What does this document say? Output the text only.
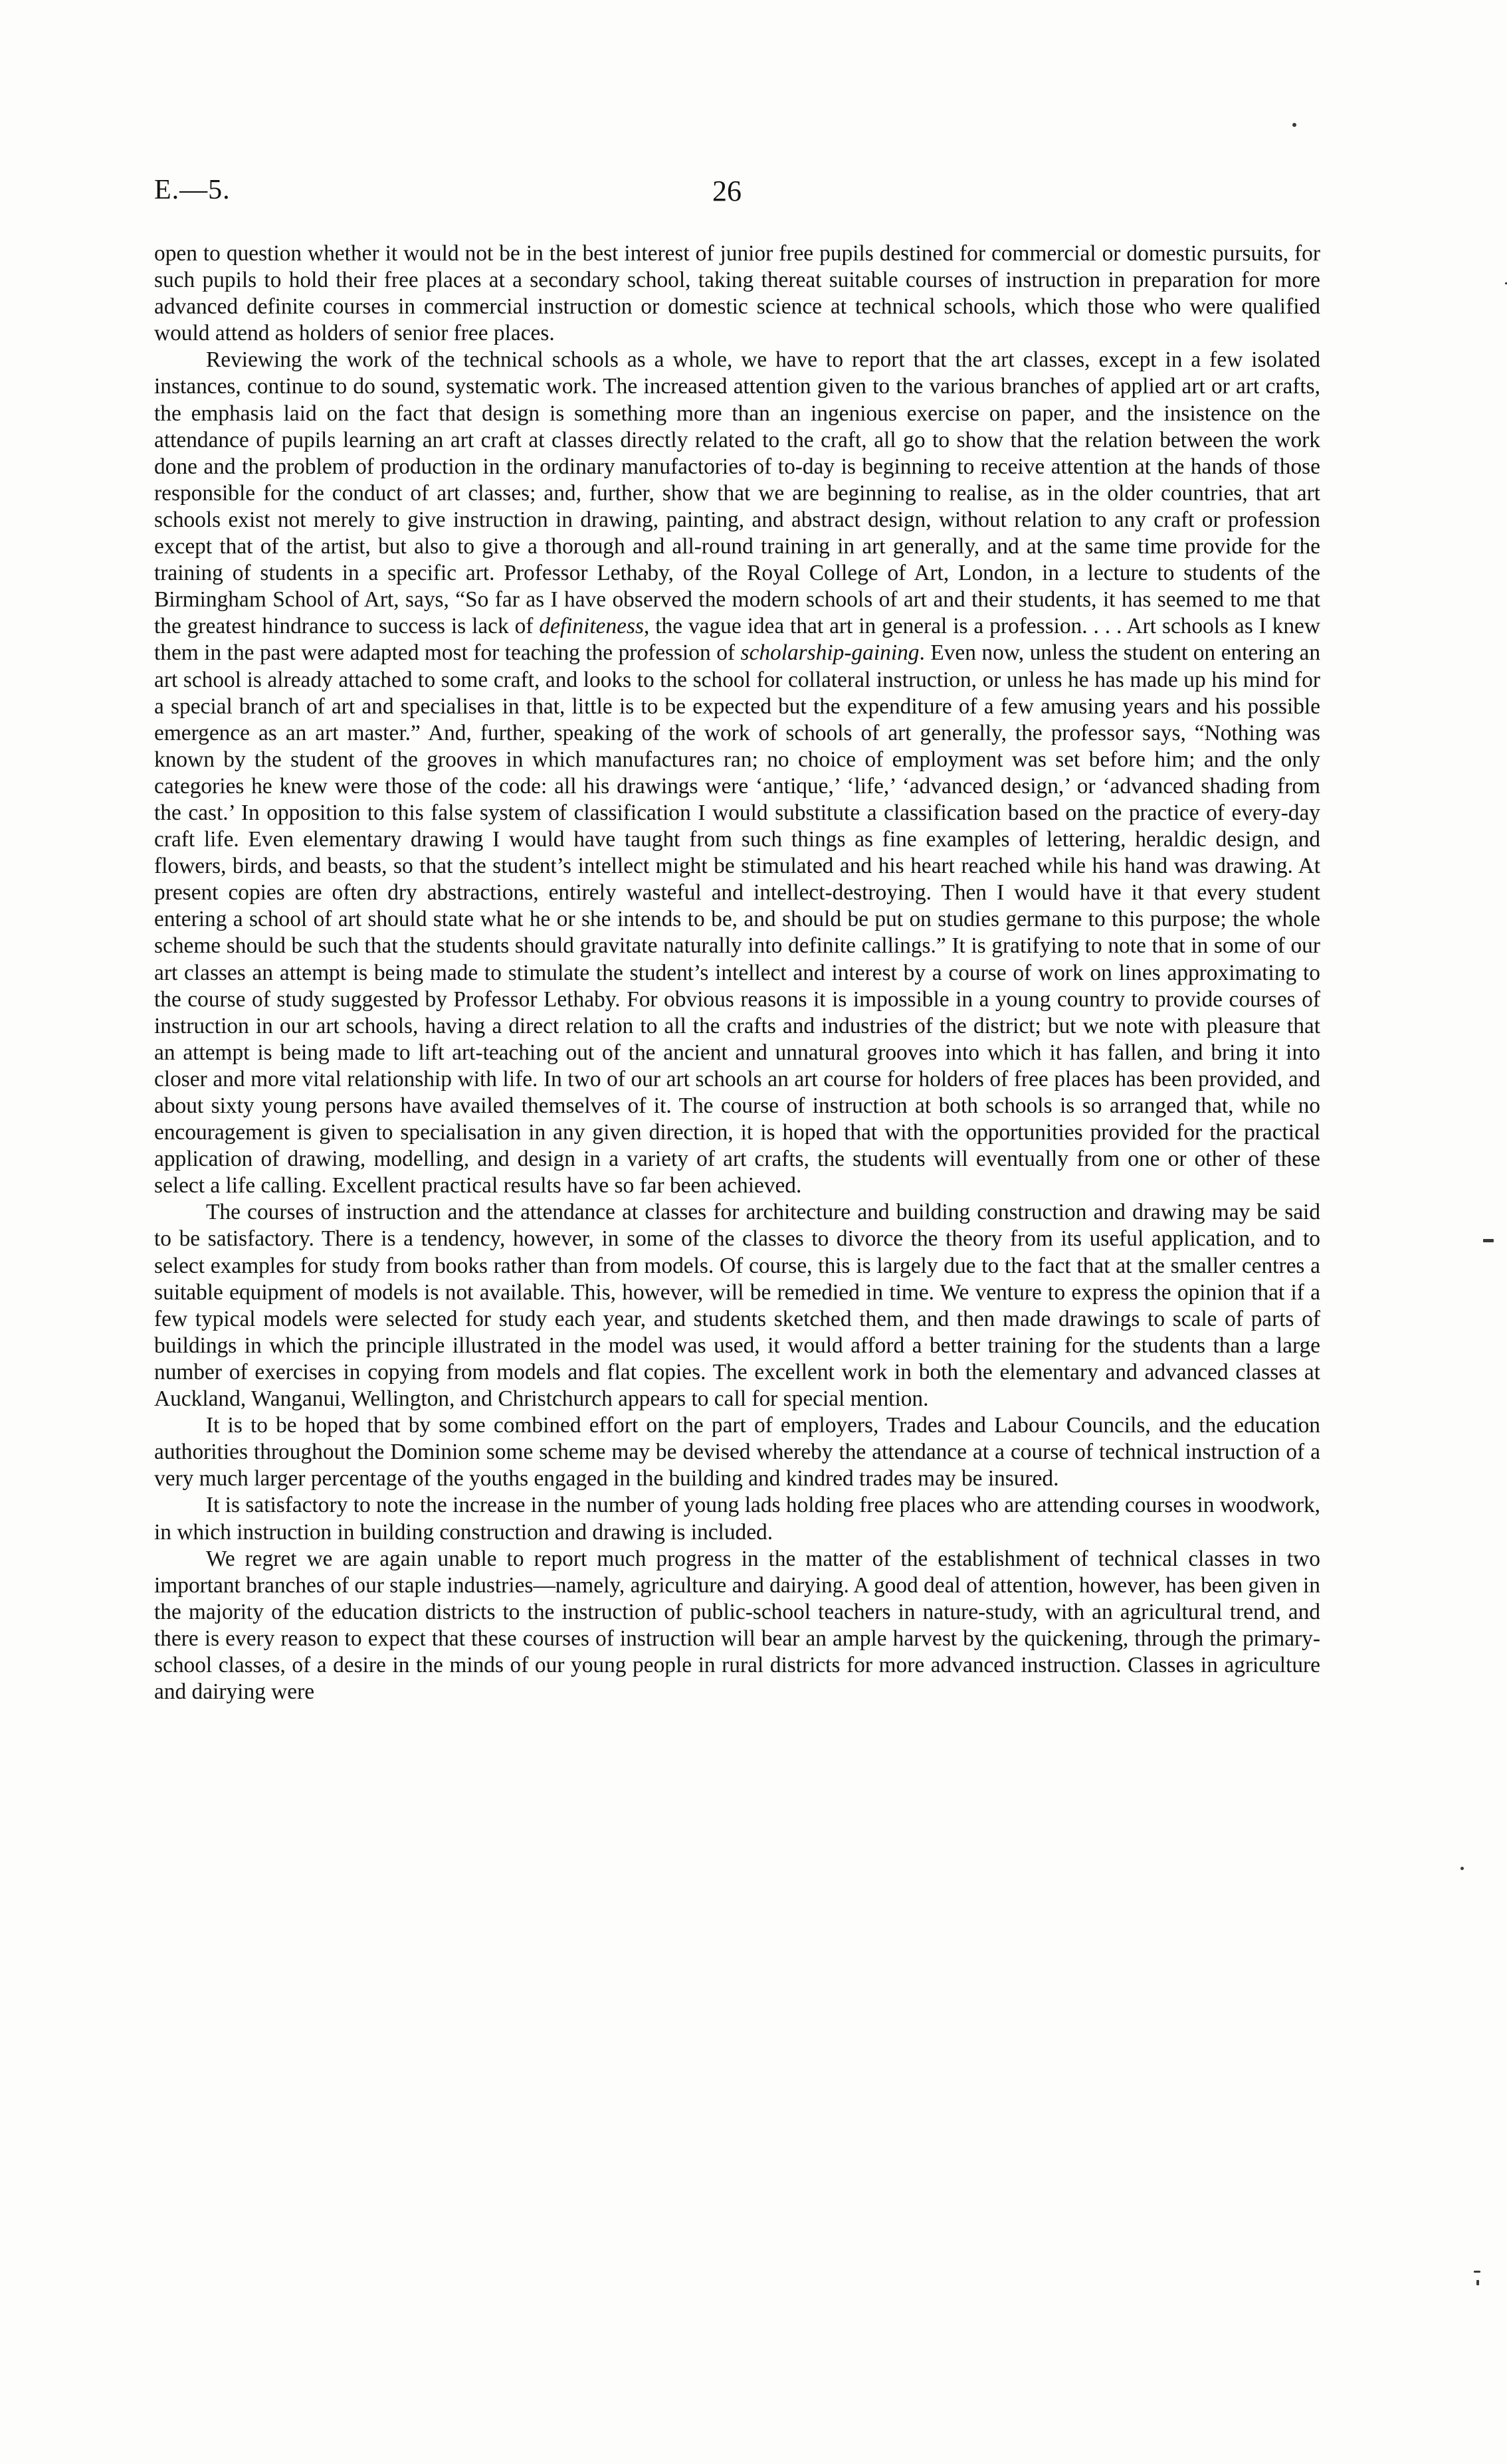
E.—5.	26

open to question whether it would not be in the best interest of junior free pupils destined for commercial or domestic pursuits, for such pupils to hold their free places at a secondary school, taking thereat suitable courses of instruction in preparation for more advanced definite courses in commercial instruction or domestic science at technical schools, which those who were qualified would attend as holders of senior free places.

Reviewing the work of the technical schools as a whole, we have to report that the art classes, except in a few isolated instances, continue to do sound, systematic work. The increased attention given to the various branches of applied art or art crafts, the emphasis laid on the fact that design is something more than an ingenious exercise on paper, and the insistence on the attendance of pupils learning an art craft at classes directly related to the craft, all go to show that the relation between the work done and the problem of production in the ordinary manufactories of to-day is beginning to receive attention at the hands of those responsible for the conduct of art classes; and, further, show that we are beginning to realise, as in the older countries, that art schools exist not merely to give instruction in drawing, painting, and abstract design, without relation to any craft or profession except that of the artist, but also to give a thorough and all-round training in art generally, and at the same time provide for the training of students in a specific art. Professor Lethaby, of the Royal College of Art, London, in a lecture to students of the Birmingham School of Art, says, “So far as I have observed the modern schools of art and their students, it has seemed to me that the greatest hindrance to success is lack of definiteness, the vague idea that art in general is a profession. . . . Art schools as I knew them in the past were adapted most for teaching the profession of scholarship-gaining. Even now, unless the student on entering an art school is already attached to some craft, and looks to the school for collateral instruction, or unless he has made up his mind for a special branch of art and specialises in that, little is to be expected but the expenditure of a few amusing years and his possible emergence as an art master.” And, further, speaking of the work of schools of art generally, the professor says, “Nothing was known by the student of the grooves in which manufactures ran; no choice of employment was set before him; and the only categories he knew were those of the code: all his drawings were ‘antique,’ ‘life,’ ‘advanced design,’ or ‘advanced shading from the cast.’ In opposition to this false system of classification I would substitute a classification based on the practice of every-day craft life. Even elementary drawing I would have taught from such things as fine examples of lettering, heraldic design, and flowers, birds, and beasts, so that the student’s intellect might be stimulated and his heart reached while his hand was drawing. At present copies are often dry abstractions, entirely wasteful and intellect-destroying. Then I would have it that every student entering a school of art should state what he or she intends to be, and should be put on studies germane to this purpose; the whole scheme should be such that the students should gravitate naturally into definite callings.” It is gratifying to note that in some of our art classes an attempt is being made to stimulate the student’s intellect and interest by a course of work on lines approximating to the course of study suggested by Professor Lethaby. For obvious reasons it is impossible in a young country to provide courses of instruction in our art schools, having a direct relation to all the crafts and industries of the district; but we note with pleasure that an attempt is being made to lift art-teaching out of the ancient and unnatural grooves into which it has fallen, and bring it into closer and more vital relationship with life. In two of our art schools an art course for holders of free places has been provided, and about sixty young persons have availed themselves of it. The course of instruction at both schools is so arranged that, while no encouragement is given to specialisation in any given direction, it is hoped that with the opportunities provided for the practical application of drawing, modelling, and design in a variety of art crafts, the students will eventually from one or other of these select a life calling. Excellent practical results have so far been achieved.

The courses of instruction and the attendance at classes for architecture and building construction and drawing may be said to be satisfactory. There is a tendency, however, in some of the classes to divorce the theory from its useful application, and to select examples for study from books rather than from models. Of course, this is largely due to the fact that at the smaller centres a suitable equipment of models is not available. This, however, will be remedied in time. We venture to express the opinion that if a few typical models were selected for study each year, and students sketched them, and then made drawings to scale of parts of buildings in which the principle illustrated in the model was used, it would afford a better training for the students than a large number of exercises in copying from models and flat copies. The excellent work in both the elementary and advanced classes at Auckland, Wanganui, Wellington, and Christchurch appears to call for special mention.

It is to be hoped that by some combined effort on the part of employers, Trades and Labour Councils, and the education authorities throughout the Dominion some scheme may be devised whereby the attendance at a course of technical instruction of a very much larger percentage of the youths engaged in the building and kindred trades may be insured.

It is satisfactory to note the increase in the number of young lads holding free places who are attending courses in woodwork, in which instruction in building construction and drawing is included.

We regret we are again unable to report much progress in the matter of the establishment of technical classes in two important branches of our staple industries—namely, agriculture and dairying. A good deal of attention, however, has been given in the majority of the education districts to the instruction of public-school teachers in nature-study, with an agricultural trend, and there is every reason to expect that these courses of instruction will bear an ample harvest by the quickening, through the primary-school classes, of a desire in the minds of our young people in rural districts for more advanced instruction. Classes in agriculture and dairying were
